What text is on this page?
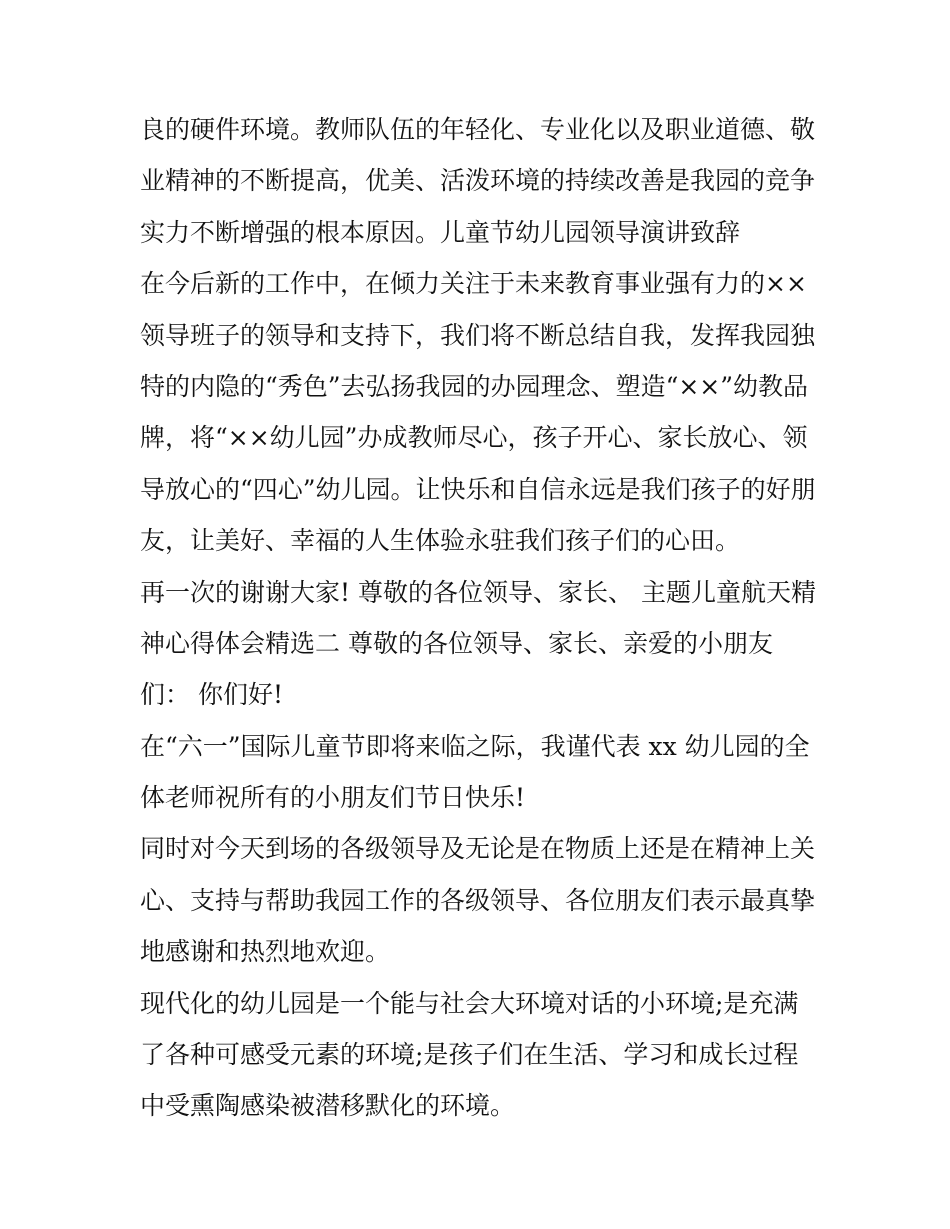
良的硬件环境。教师队伍的年轻化、专业化以及职业道德、敬
业精神的不断提高，优美、活泼环境的持续改善是我园的竞争
实力不断增强的根本原因。儿童节幼儿园领导演讲致辞
在今后新的工作中，在倾力关注于未来教育事业强有力的××
领导班子的领导和支持下，我们将不断总结自我，发挥我园独
特的内隐的“秀色”去弘扬我园的办园理念、塑造“××”幼教品
牌，将“××幼儿园”办成教师尽心，孩子开心、家长放心、领
导放心的“四心”幼儿园。让快乐和自信永远是我们孩子的好朋
友，让美好、幸福的人生体验永驻我们孩子们的心田。
再一次的谢谢大家! 尊敬的各位领导、家长、 主题儿童航天精
神心得体会精选二 尊敬的各位领导、家长、亲爱的小朋友
们： 你们好!
在“六一”国际儿童节即将来临之际，我谨代表 xx 幼儿园的全
体老师祝所有的小朋友们节日快乐!
同时对今天到场的各级领导及无论是在物质上还是在精神上关
心、支持与帮助我园工作的各级领导、各位朋友们表示最真挚
地感谢和热烈地欢迎。
现代化的幼儿园是一个能与社会大环境对话的小环境;是充满
了各种可感受元素的环境;是孩子们在生活、学习和成长过程
中受熏陶感染被潜移默化的环境。
